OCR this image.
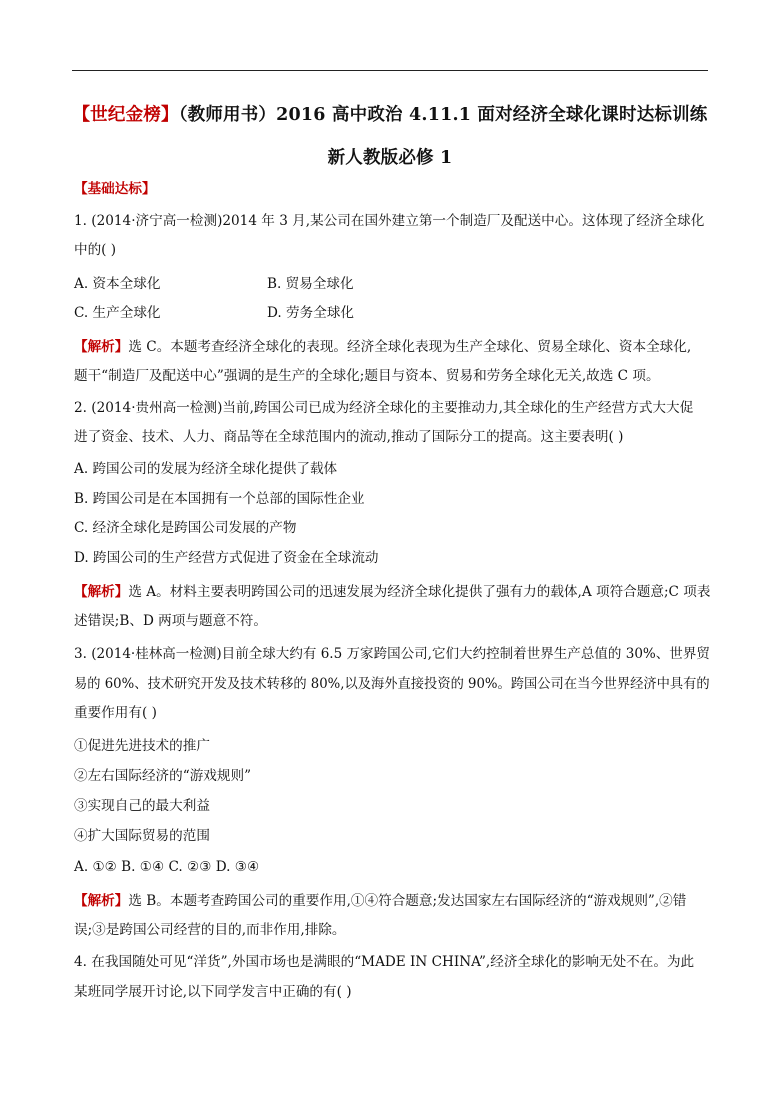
【世纪金榜】（教师用书）2016 高中政治 4.11.1 面对经济全球化课时达标训练
新人教版必修 1
【基础达标】
1. (2014·济宁高一检测)2014 年 3 月,某公司在国外建立第一个制造厂及配送中心。这体现了经济全球化
中的( )
A. 资本全球化	B. 贸易全球化
C. 生产全球化	D. 劳务全球化
【解析】选 C。本题考查经济全球化的表现。经济全球化表现为生产全球化、贸易全球化、资本全球化,
题干“制造厂及配送中心”强调的是生产的全球化;题目与资本、贸易和劳务全球化无关,故选 C 项。
2. (2014·贵州高一检测)当前,跨国公司已成为经济全球化的主要推动力,其全球化的生产经营方式大大促
进了资金、技术、人力、商品等在全球范围内的流动,推动了国际分工的提高。这主要表明( )
A. 跨国公司的发展为经济全球化提供了载体
B. 跨国公司是在本国拥有一个总部的国际性企业
C. 经济全球化是跨国公司发展的产物
D. 跨国公司的生产经营方式促进了资金在全球流动
【解析】选 A。材料主要表明跨国公司的迅速发展为经济全球化提供了强有力的载体,A 项符合题意;C 项表
述错误;B、D 两项与题意不符。
3. (2014·桂林高一检测)目前全球大约有 6.5 万家跨国公司,它们大约控制着世界生产总值的 30%、世界贸
易的 60%、技术研究开发及技术转移的 80%,以及海外直接投资的 90%。跨国公司在当今世界经济中具有的
重要作用有( )
①促进先进技术的推广
②左右国际经济的“游戏规则”
③实现自己的最大利益
④扩大国际贸易的范围
A. ①② B. ①④ C. ②③ D. ③④
【解析】选 B。本题考查跨国公司的重要作用,①④符合题意;发达国家左右国际经济的“游戏规则”,②错
误;③是跨国公司经营的目的,而非作用,排除。
4. 在我国随处可见“洋货”,外国市场也是满眼的“MADE IN CHINA”,经济全球化的影响无处不在。为此
某班同学展开讨论,以下同学发言中正确的有( )
